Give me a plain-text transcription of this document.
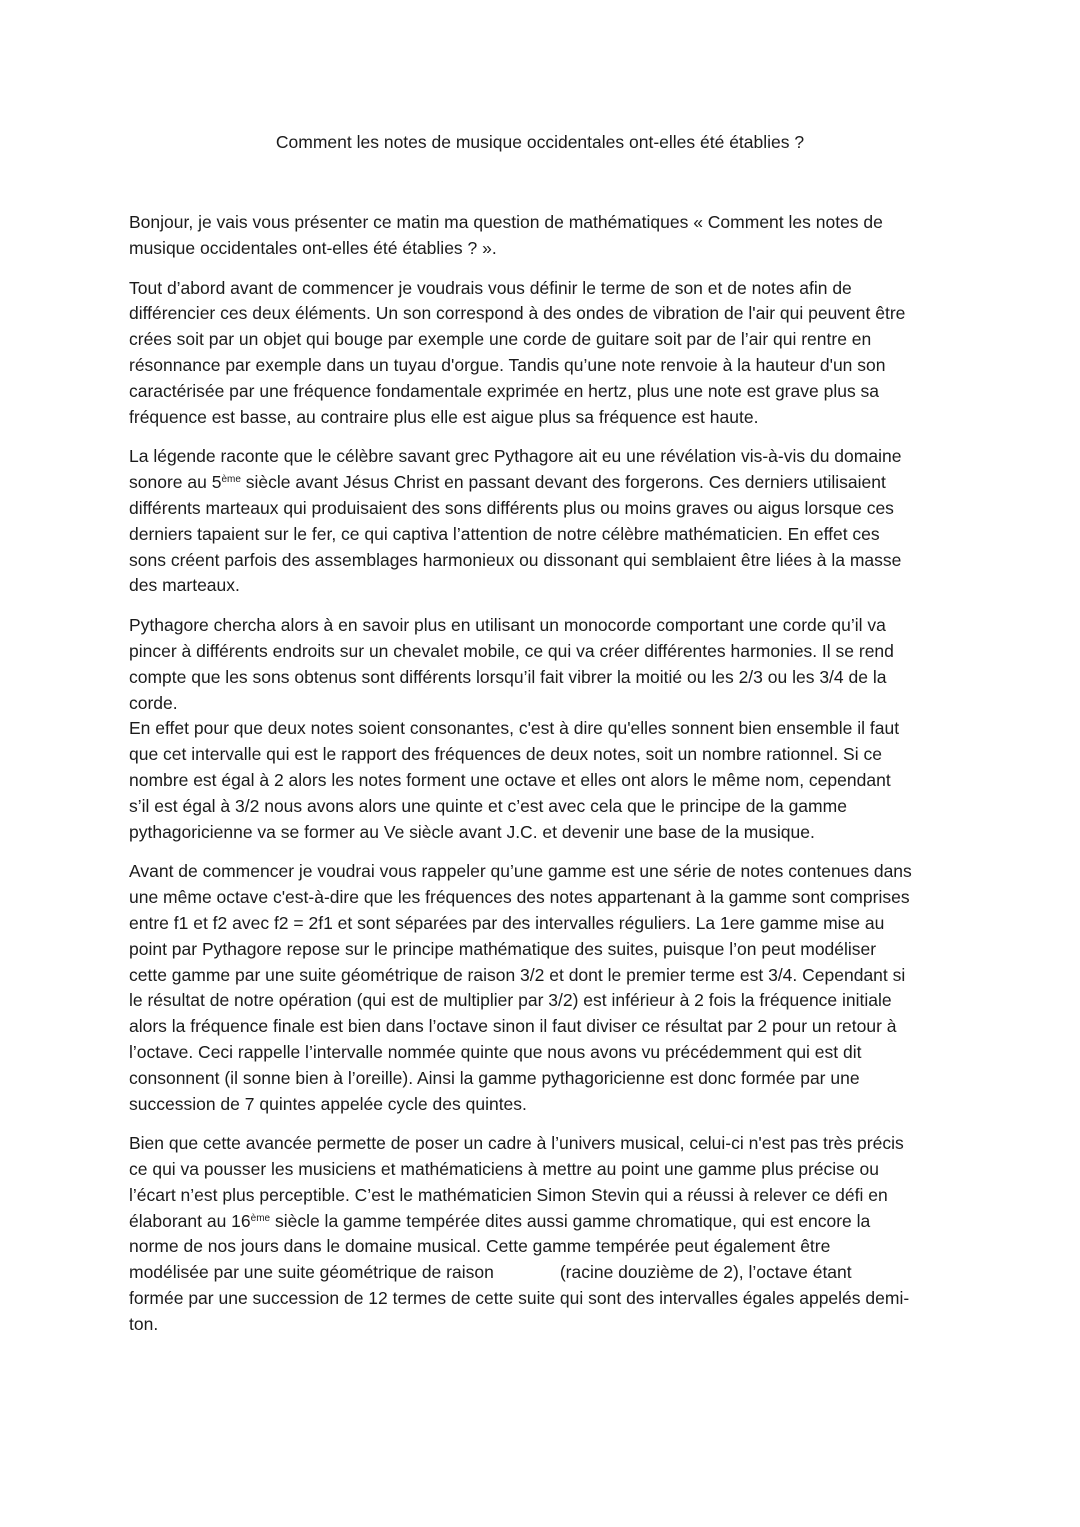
Comment les notes de musique occidentales ont-elles été établies ?

Bonjour, je vais vous présenter ce matin ma question de mathématiques « Comment les notes de
musique occidentales ont-elles été établies ? ».

Tout d’abord avant de commencer je voudrais vous définir le terme de son et de notes afin de
différencier ces deux éléments. Un son correspond à des ondes de vibration de l'air qui peuvent être
crées soit par un objet qui bouge par exemple une corde de guitare soit par de l’air qui rentre en
résonnance par exemple dans un tuyau d'orgue. Tandis qu’une note renvoie à la hauteur d'un son
caractérisée par une fréquence fondamentale exprimée en hertz, plus une note est grave plus sa
fréquence est basse, au contraire plus elle est aigue plus sa fréquence est haute.

La légende raconte que le célèbre savant grec Pythagore ait eu une révélation vis-à-vis du domaine
sonore au 5ème siècle avant Jésus Christ en passant devant des forgerons. Ces derniers utilisaient
différents marteaux qui produisaient des sons différents plus ou moins graves ou aigus lorsque ces
derniers tapaient sur le fer, ce qui captiva l’attention de notre célèbre mathématicien. En effet ces
sons créent parfois des assemblages harmonieux ou dissonant qui semblaient être liées à la masse
des marteaux.

Pythagore chercha alors à en savoir plus en utilisant un monocorde comportant une corde qu’il va
pincer à différents endroits sur un chevalet mobile, ce qui va créer différentes harmonies. Il se rend
compte que les sons obtenus sont différents lorsqu’il fait vibrer la moitié ou les 2/3 ou les 3/4 de la
corde.

En effet pour que deux notes soient consonantes, c'est à dire qu'elles sonnent bien ensemble il faut
que cet intervalle qui est le rapport des fréquences de deux notes, soit un nombre rationnel. Si ce
nombre est égal à 2 alors les notes forment une octave et elles ont alors le même nom, cependant
s’il est égal à 3/2 nous avons alors une quinte et c’est avec cela que le principe de la gamme
pythagoricienne va se former au Ve siècle avant J.C. et devenir une base de la musique.

Avant de commencer je voudrai vous rappeler qu’une gamme est une série de notes contenues dans
une même octave c'est-à-dire que les fréquences des notes appartenant à la gamme sont comprises
entre f1 et f2 avec f2 = 2f1 et sont séparées par des intervalles réguliers. La 1ere gamme mise au
point par Pythagore repose sur le principe mathématique des suites, puisque l’on peut modéliser
cette gamme par une suite géométrique de raison 3/2 et dont le premier terme est 3/4. Cependant si
le résultat de notre opération (qui est de multiplier par 3/2) est inférieur à 2 fois la fréquence initiale
alors la fréquence finale est bien dans l’octave sinon il faut diviser ce résultat par 2 pour un retour à
l’octave. Ceci rappelle l’intervalle nommée quinte que nous avons vu précédemment qui est dit
consonnent (il sonne bien à l’oreille). Ainsi la gamme pythagoricienne est donc formée par une
succession de 7 quintes appelée cycle des quintes.

Bien que cette avancée permette de poser un cadre à l’univers musical, celui-ci n'est pas très précis
ce qui va pousser les musiciens et mathématiciens à mettre au point une gamme plus précise ou
l’écart n’est plus perceptible. C’est le mathématicien Simon Stevin qui a réussi à relever ce défi en
élaborant au 16ème siècle la gamme tempérée dites aussi gamme chromatique, qui est encore la
norme de nos jours dans le domaine musical. Cette gamme tempérée peut également être
modélisée par une suite géométrique de raison	(racine douzième de 2), l’octave étant
formée par une succession de 12 termes de cette suite qui sont des intervalles égales appelés demi-
ton.
